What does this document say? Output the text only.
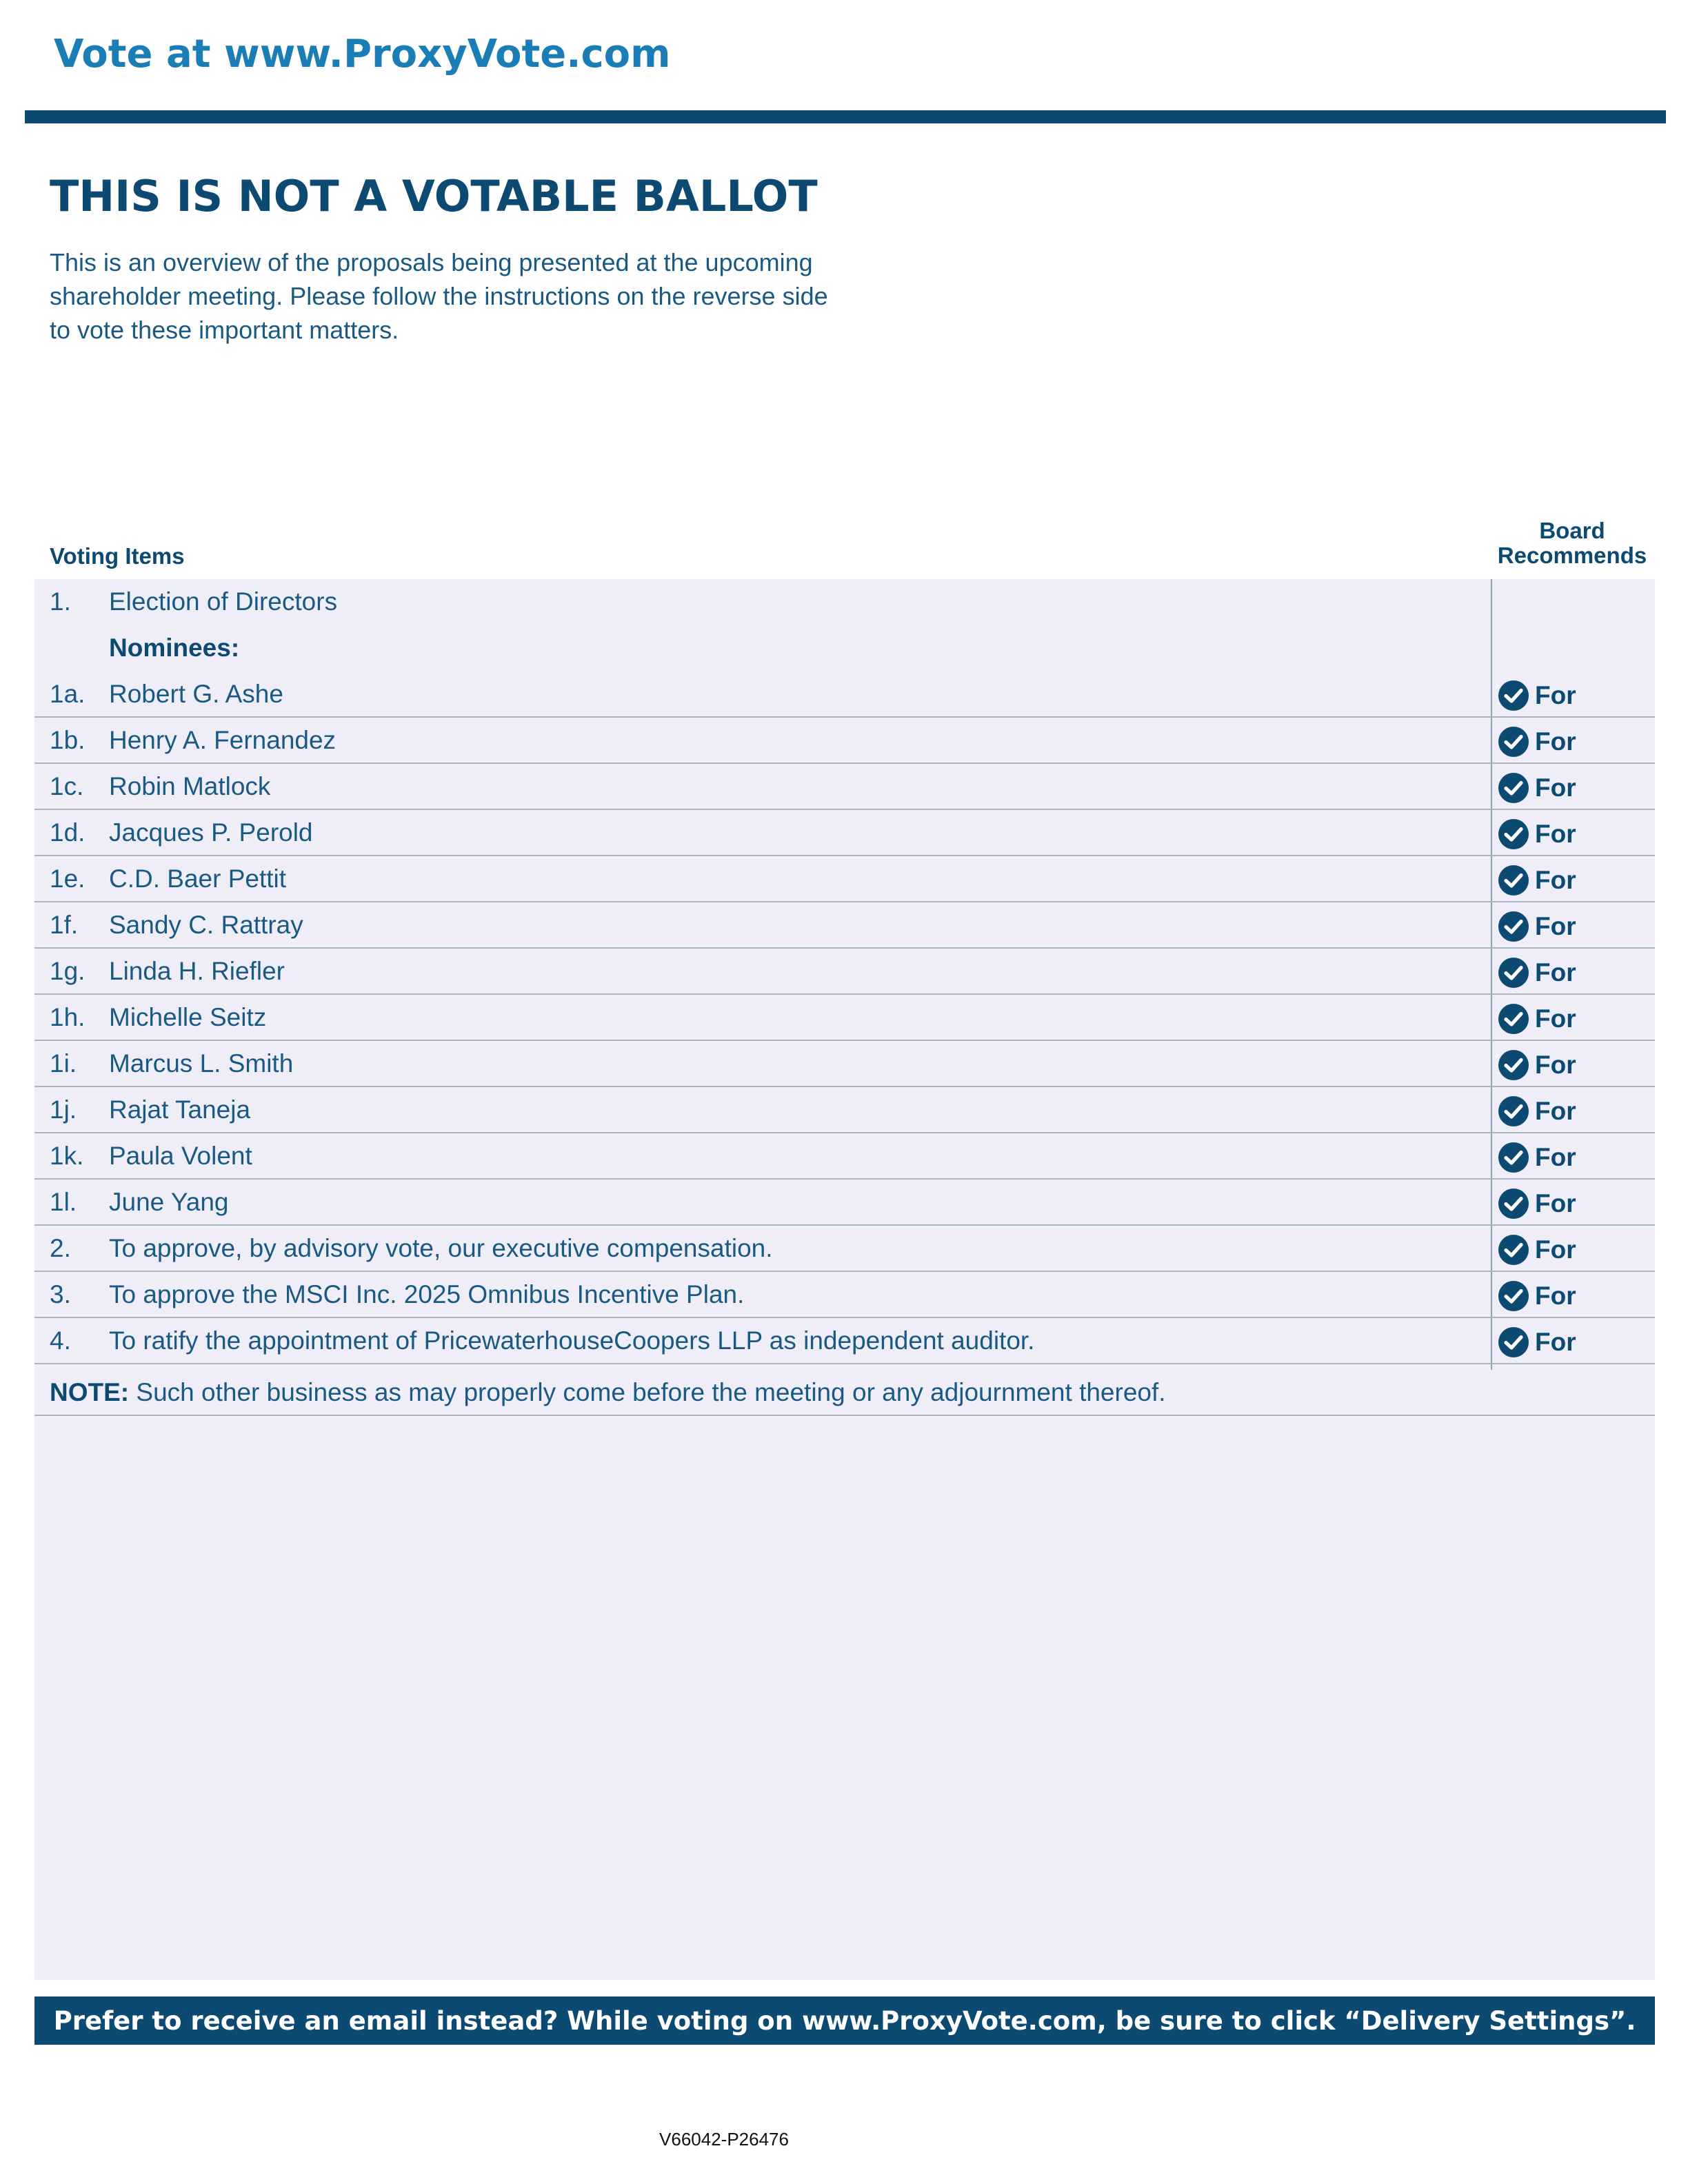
Vote at www.ProxyVote.com
THIS IS NOT A VOTABLE BALLOT

This is an overview of the proposals being presented at the upcoming shareholder meeting. Please follow the instructions on the reverse side to vote these important matters.

Voting Items
Board
Recommends
1. Election of Directors
Nominees:
1a. Robert G. Ashe	For
1b. Henry A. Fernandez	For
1c. Robin Matlock	For
1d. Jacques P. Perold	For
1e. C.D. Baer Pettit	For
1f. Sandy C. Rattray	For
1g. Linda H. Riefler	For
1h. Michelle Seitz	For
1i. Marcus L. Smith	For
1j. Rajat Taneja	For
1k. Paula Volent	For
1l. June Yang	For
2. To approve, by advisory vote, our executive compensation.	For
3. To approve the MSCI Inc. 2025 Omnibus Incentive Plan.	For
4. To ratify the appointment of PricewaterhouseCoopers LLP as independent auditor.	For
NOTE: Such other business as may properly come before the meeting or any adjournment thereof.
Prefer to receive an email instead? While voting on www.ProxyVote.com, be sure to click “Delivery Settings”.
V66042-P26476
